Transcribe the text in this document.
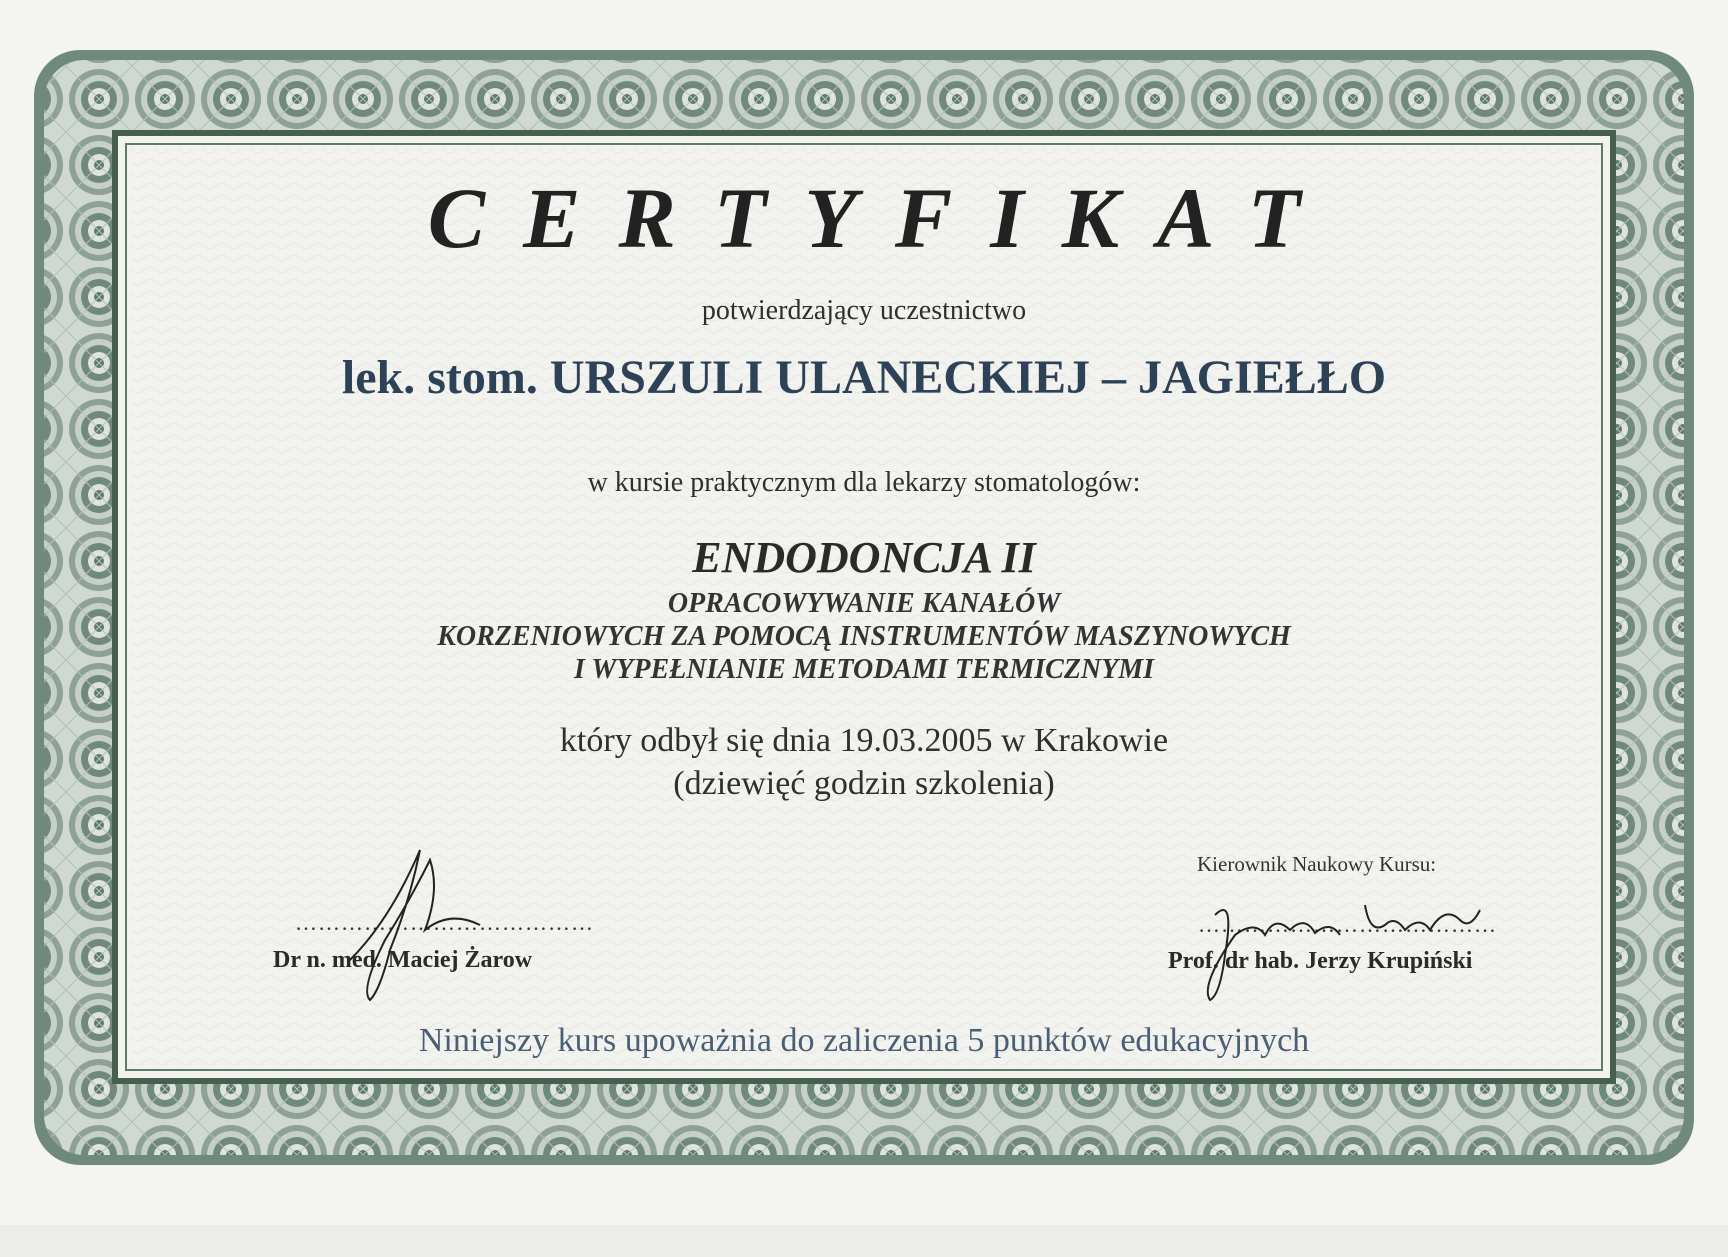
CERTYFIKAT
potwierdzający uczestnictwo
lek. stom. URSZULI ULANECKIEJ – JAGIEŁŁO
w kursie praktycznym dla lekarzy stomatologów:
ENDODONCJA II
OPRACOWYWANIE KANAŁÓW
KORZENIOWYCH ZA POMOCĄ INSTRUMENTÓW MASZYNOWYCH
I WYPEŁNIANIE METODAMI TERMICZNYMI
który odbył się dnia 19.03.2005 w Krakowie
(dziewięć godzin szkolenia)
…………………………………
Dr n. med. Maciej Żarow
Kierownik Naukowy Kursu:
…………………………………
Prof. dr hab. Jerzy Krupiński
Niniejszy kurs upoważnia do zaliczenia 5 punktów edukacyjnych
